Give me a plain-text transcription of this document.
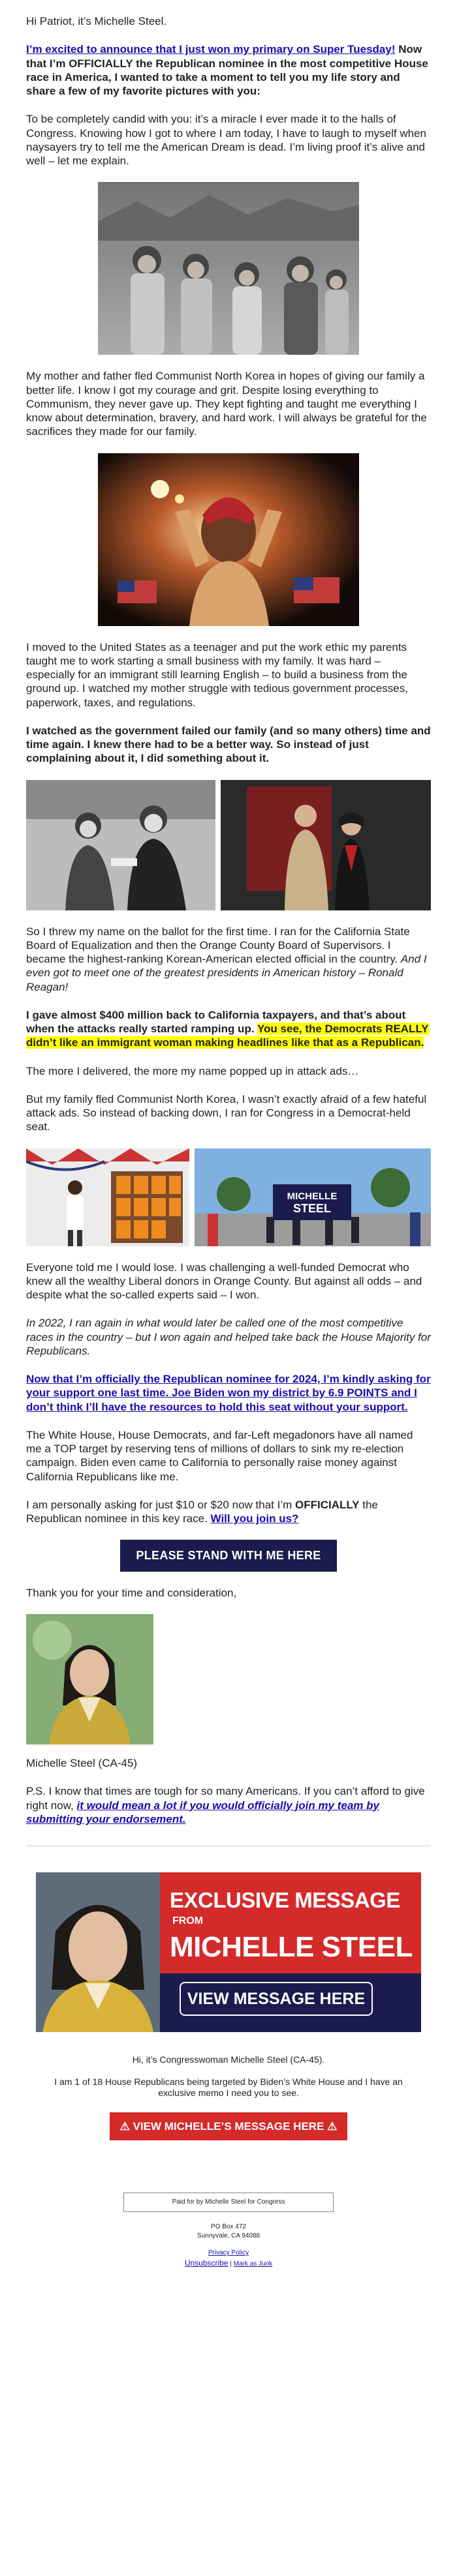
Hi Patriot, it’s Michelle Steel.

I’m excited to announce that I just won my primary on Super Tuesday! Now that I’m OFFICIALLY the Republican nominee in the most competitive House race in America, I wanted to take a moment to tell you my life story and share a few of my favorite pictures with you:

To be completely candid with you: it’s a miracle I ever made it to the halls of Congress. Knowing how I got to where I am today, I have to laugh to myself when naysayers try to tell me the American Dream is dead. I’m living proof it’s alive and well – let me explain.

My mother and father fled Communist North Korea in hopes of giving our family a better life. I know I got my courage and grit. Despite losing everything to Communism, they never gave up. They kept fighting and taught me everything I know about determination, bravery, and hard work. I will always be grateful for the sacrifices they made for our family.

I moved to the United States as a teenager and put the work ethic my parents taught me to work starting a small business with my family. It was hard – especially for an immigrant still learning English – to build a business from the ground up. I watched my mother struggle with tedious government processes, paperwork, taxes, and regulations.

I watched as the government failed our family (and so many others) time and time again. I knew there had to be a better way. So instead of just complaining about it, I did something about it.

So I threw my name on the ballot for the first time. I ran for the California State Board of Equalization and then the Orange County Board of Supervisors. I became the highest-ranking Korean-American elected official in the country. And I even got to meet one of the greatest presidents in American history – Ronald Reagan!

I gave almost $400 million back to California taxpayers, and that’s about when the attacks really started ramping up. You see, the Democrats REALLY didn’t like an immigrant woman making headlines like that as a Republican.

The more I delivered, the more my name popped up in attack ads…

But my family fled Communist North Korea, I wasn’t exactly afraid of a few hateful attack ads. So instead of backing down, I ran for Congress in a Democrat-held seat.

MICHELLE
STEEL

Everyone told me I would lose. I was challenging a well-funded Democrat who knew all the wealthy Liberal donors in Orange County. But against all odds – and despite what the so-called experts said – I won.

In 2022, I ran again in what would later be called one of the most competitive races in the country – but I won again and helped take back the House Majority for Republicans.

Now that I’m officially the Republican nominee for 2024, I’m kindly asking for your support one last time. Joe Biden won my district by 6.9 POINTS and I don’t think I’ll have the resources to hold this seat without your support.

The White House, House Democrats, and far-Left megadonors have all named me a TOP target by reserving tens of millions of dollars to sink my re-election campaign. Biden even came to California to personally raise money against California Republicans like me.

I am personally asking for just $10 or $20 now that I’m OFFICIALLY the Republican nominee in this key race. Will you join us?

PLEASE STAND WITH ME HERE

Thank you for your time and consideration,

Michelle Steel (CA-45)

P.S. I know that times are tough for so many Americans. If you can’t afford to give right now, it would mean a lot if you would officially join my team by submitting your endorsement.

EXCLUSIVE MESSAGE FROM
MICHELLE STEEL
VIEW MESSAGE HERE

Hi, it’s Congresswoman Michelle Steel (CA-45).

I am 1 of 18 House Republicans being targeted by Biden’s White House and I have an exclusive memo I need you to see.

⚠ VIEW MICHELLE’S MESSAGE HERE ⚠
Paid for by Michelle Steel for Congress
PO Box 472
Sunnyvale, CA 94088
Privacy Policy
Unsubscribe | Mark as Junk
